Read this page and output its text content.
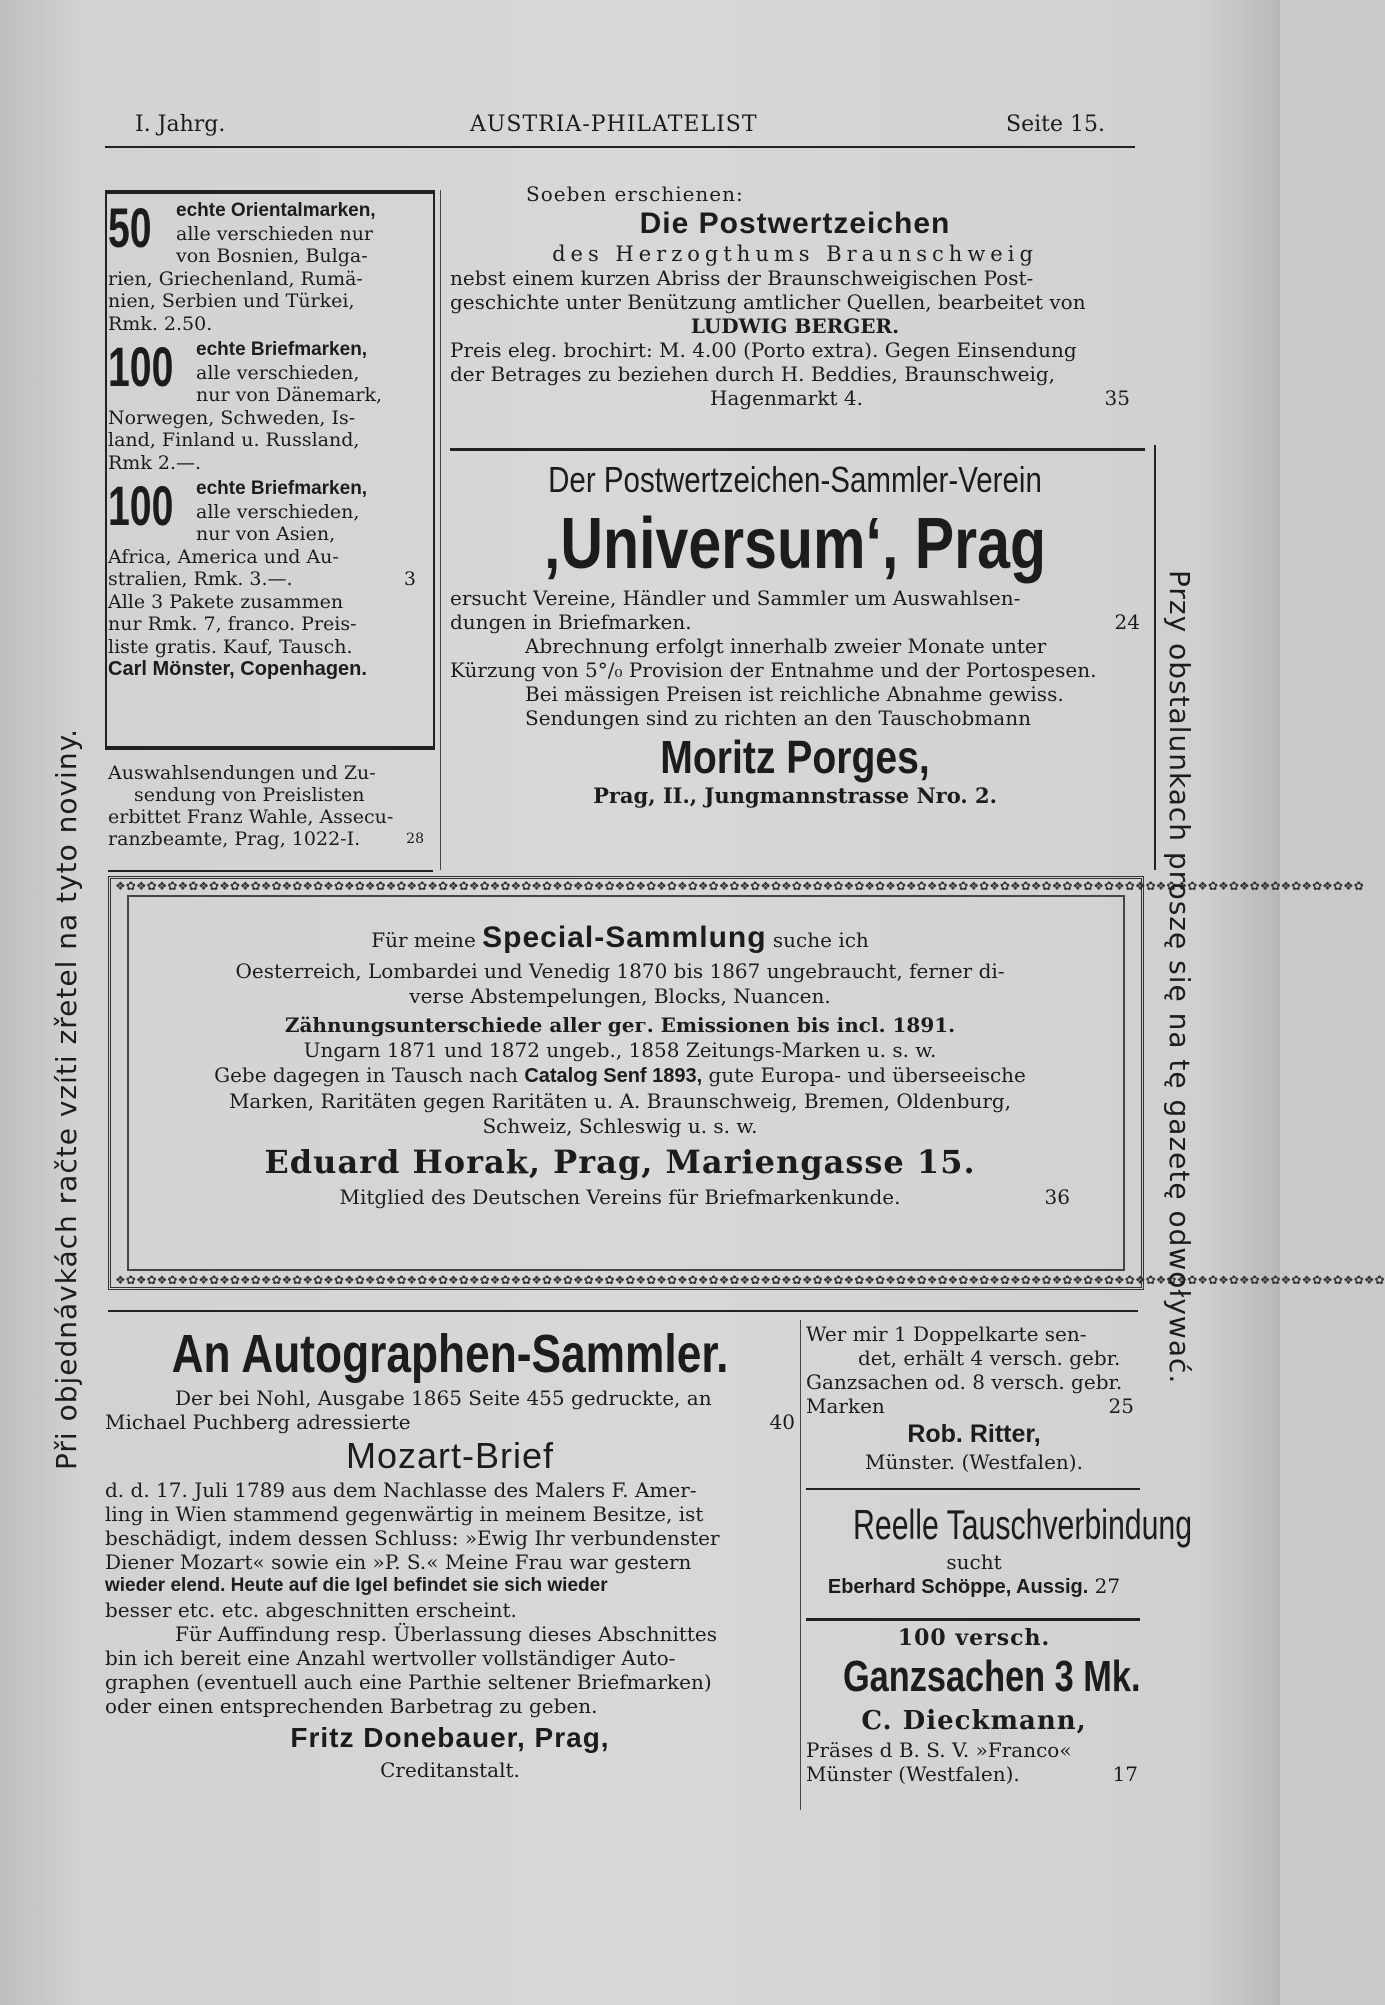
I. Jahrg.	AUSTRIA-PHILATELIST	Seite 15.
50	echte Orientalmarken,
alle verschieden nur
von Bosnien, Bulga-
rien, Griechenland, Rumä-
nien, Serbien und Türkei,
Rmk. 2.50.
100	echte Briefmarken,
alle verschieden,
nur von Dänemark,
Norwegen, Schweden, Is-
land, Finland u. Russland,
Rmk 2.—.
100	echte Briefmarken,
alle verschieden,
nur von Asien,
Africa, America und Au-
stralien, Rmk. 3.—.	3
Alle 3 Pakete zusammen
nur Rmk. 7, franco. Preis-
liste gratis. Kauf, Tausch.
Carl Mönster, Copenhagen.
Auswahlsendungen und Zu-
sendung von Preislisten
erbittet Franz Wahle, Assecu-
ranzbeamte, Prag, 1022-I.	28
Soeben erschienen:
Die Postwertzeichen
des Herzogthums Braunschweig
nebst einem kurzen Abriss der Braunschweigischen Post-
geschichte unter Benützung amtlicher Quellen, bearbeitet von
LUDWIG BERGER.
Preis eleg. brochirt: M. 4.00 (Porto extra). Gegen Einsendung
der Betrages zu beziehen durch H. Beddies, Braunschweig,
Hagenmarkt 4.	35
Der Postwertzeichen-Sammler-Verein
‚Universum‘, Prag
ersucht Vereine, Händler und Sammler um Auswahlsen-
dungen in Briefmarken.	24
Abrechnung erfolgt innerhalb zweier Monate unter
Kürzung von 5°/₀ Provision der Entnahme und der Portospesen.
Bei mässigen Preisen ist reichliche Abnahme gewiss.
Sendungen sind zu richten an den Tauschobmann
Moritz Porges,
Prag, II., Jungmannstrasse Nro. 2.
❖✿❖✿❖✿❖✿❖✿❖✿❖✿❖✿❖✿❖✿❖✿❖✿❖✿❖✿❖✿❖✿❖✿❖✿❖✿❖✿❖✿❖✿❖✿❖✿❖✿❖✿❖✿❖✿❖✿❖✿❖✿❖✿❖✿❖✿❖✿❖✿❖✿❖✿❖✿❖✿❖✿❖✿❖✿❖✿❖✿❖✿❖✿❖✿❖✿❖✿❖✿❖✿❖✿❖✿❖✿❖✿❖✿❖✿❖✿❖✿
❖✿❖✿❖✿❖✿❖✿❖✿❖✿❖✿❖✿❖✿❖✿❖✿❖✿❖✿❖✿❖✿❖✿❖✿❖✿❖✿❖✿❖✿❖✿❖✿❖✿❖✿❖✿❖✿❖✿❖✿❖✿❖✿❖✿❖✿❖✿❖✿❖✿❖✿❖✿❖✿❖✿❖✿❖✿❖✿❖✿❖✿❖✿❖✿❖✿❖✿❖✿❖✿❖✿❖✿❖✿❖✿❖✿❖✿❖✿❖✿❖✿
Für meine Special-Sammlung suche ich
Oesterreich, Lombardei und Venedig 1870 bis 1867 ungebraucht, ferner di-
verse Abstempelungen, Blocks, Nuancen.
Zähnungsunterschiede aller gег. Emissionen bis incl. 1891.
Ungarn 1871 und 1872 ungeb., 1858 Zeitungs-Marken u. s. w.
Gebe dagegen in Tausch nach Catalog Senf 1893, gute Europa- und überseeische
Marken, Raritäten gegen Raritäten u. A. Braunschweig, Bremen, Oldenburg,
Schweiz, Schleswig u. s. w.
Eduard Horak, Prag, Mariengasse 15.
Mitglied des Deutschen Vereins für Briefmarkenkunde.	36
An Autographen-Sammler.
Der bei Nohl, Ausgabe 1865 Seite 455 gedruckte, an
Michael Puchberg adressierte	40
Mozart-Brief
d. d. 17. Juli 1789 aus dem Nachlasse des Malers F. Amer-
ling in Wien stammend gegenwärtig in meinem Besitze, ist
beschädigt, indem dessen Schluss: »Ewig Ihr verbundenster
Diener Mozart« sowie ein »P. S.« Meine Frau war gestern
wieder elend. Heute auf die Igel befindet sie sich wieder
besser etc. etc. abgeschnitten erscheint.
Für Auffindung resp. Überlassung dieses Abschnittes
bin ich bereit eine Anzahl wertvoller vollständiger Auto-
graphen (eventuell auch eine Parthie seltener Briefmarken)
oder einen entsprechenden Barbetrag zu geben.
Fritz Donebauer, Prag,
Creditanstalt.
Wer mir 1 Doppelkarte sen-
det, erhält 4 versch. gebr.
Ganzsachen od. 8 versch. gebr.
Marken	25
Rob. Ritter,
Münster. (Westfalen).
Reelle Tauschverbindung
sucht
Eberhard Schöppe, Aussig. 27
100 versch.
Ganzsachen 3 Mk.
C. Dieckmann,
Präses d B. S. V. »Franco«
Münster (Westfalen).	17
Při objednávkách račte vzíti zřetel na tyto noviny.	Przy obstalunkach proszę się na tę gazetę odwoływać.
